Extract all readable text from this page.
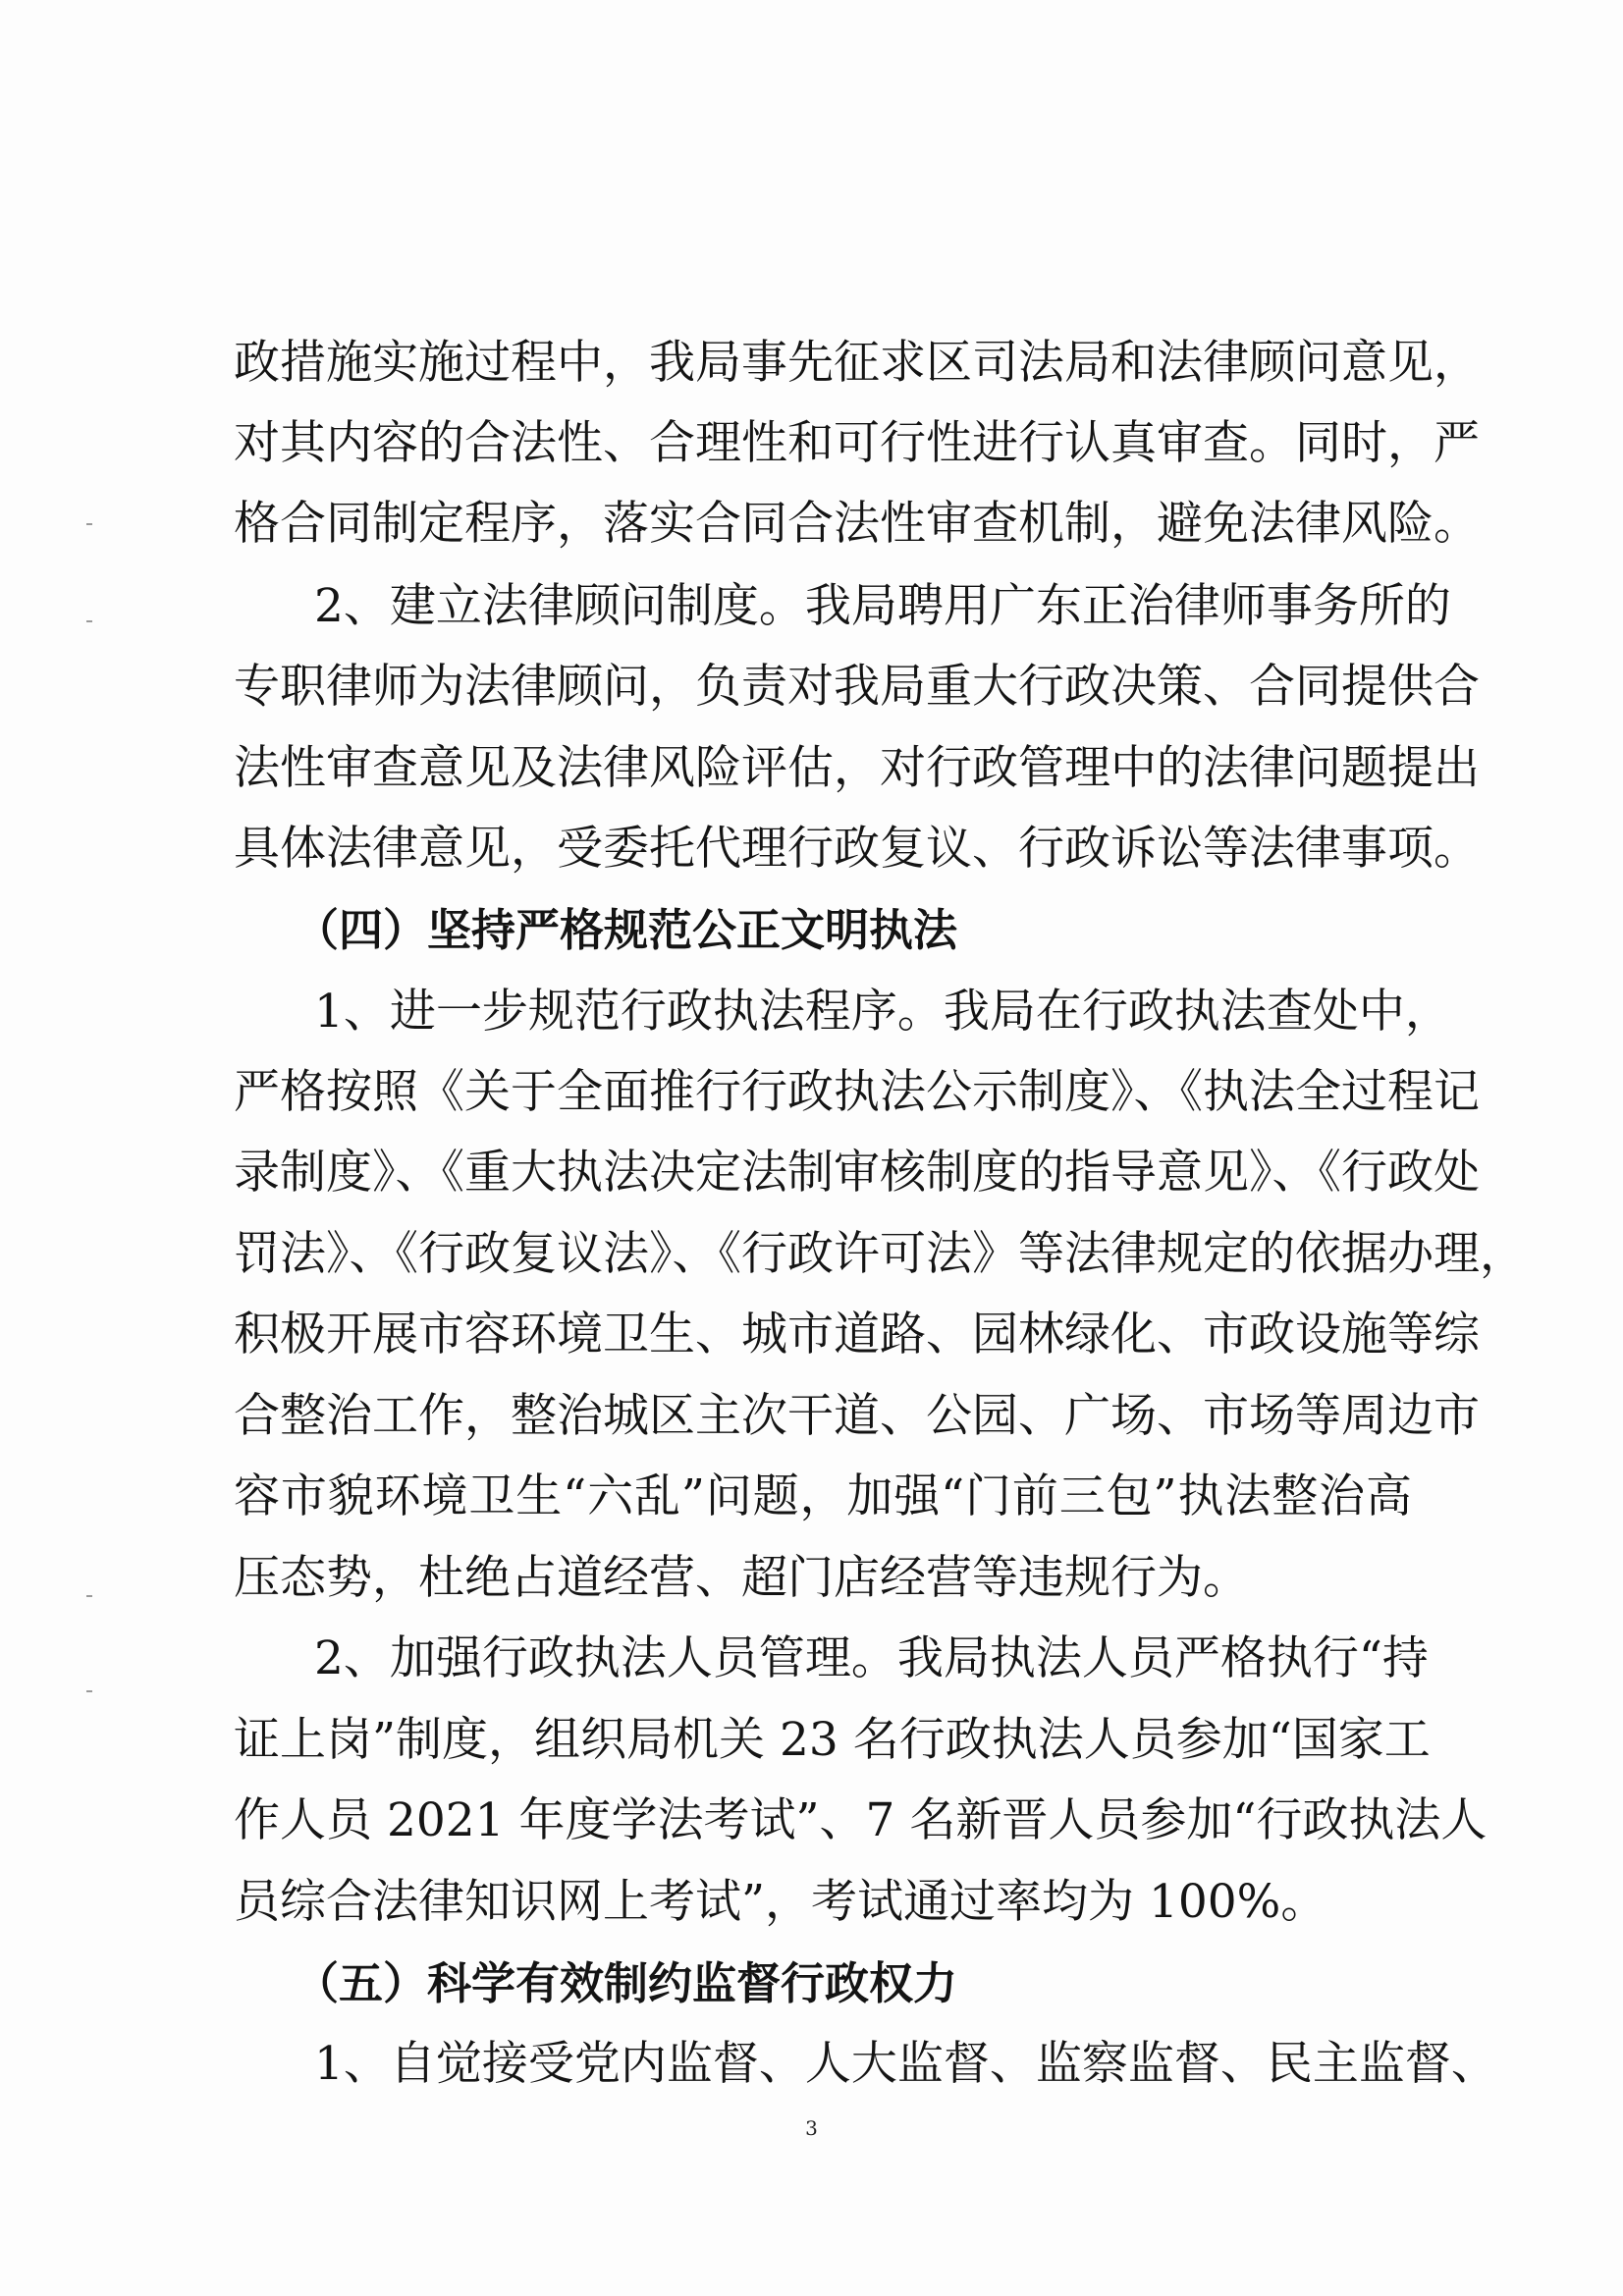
政措施实施过程中，我局事先征求区司法局和法律顾问意见，
对其内容的合法性、合理性和可行性进行认真审查。同时，严
格合同制定程序，落实合同合法性审查机制，避免法律风险。
2、建立法律顾问制度。我局聘用广东正治律师事务所的
专职律师为法律顾问，负责对我局重大行政决策、合同提供合
法性审查意见及法律风险评估，对行政管理中的法律问题提出
具体法律意见，受委托代理行政复议、行政诉讼等法律事项。
（四）坚持严格规范公正文明执法
1、进一步规范行政执法程序。我局在行政执法查处中，
严格按照《关于全面推行行政执法公示制度》、《执法全过程记
录制度》、《重大执法决定法制审核制度的指导意见》、《行政处
罚法》、《行政复议法》、《行政许可法》等法律规定的依据办理，
积极开展市容环境卫生、城市道路、园林绿化、市政设施等综
合整治工作，整治城区主次干道、公园、广场、市场等周边市
容市貌环境卫生“六乱”问题，加强“门前三包”执法整治高
压态势，杜绝占道经营、超门店经营等违规行为。
2、加强行政执法人员管理。我局执法人员严格执行“持
证上岗”制度，组织局机关 23 名行政执法人员参加“国家工
作人员 2021 年度学法考试”、7 名新晋人员参加“行政执法人
员综合法律知识网上考试”，考试通过率均为 100%。
（五）科学有效制约监督行政权力
1、自觉接受党内监督、人大监督、监察监督、民主监督、
3
